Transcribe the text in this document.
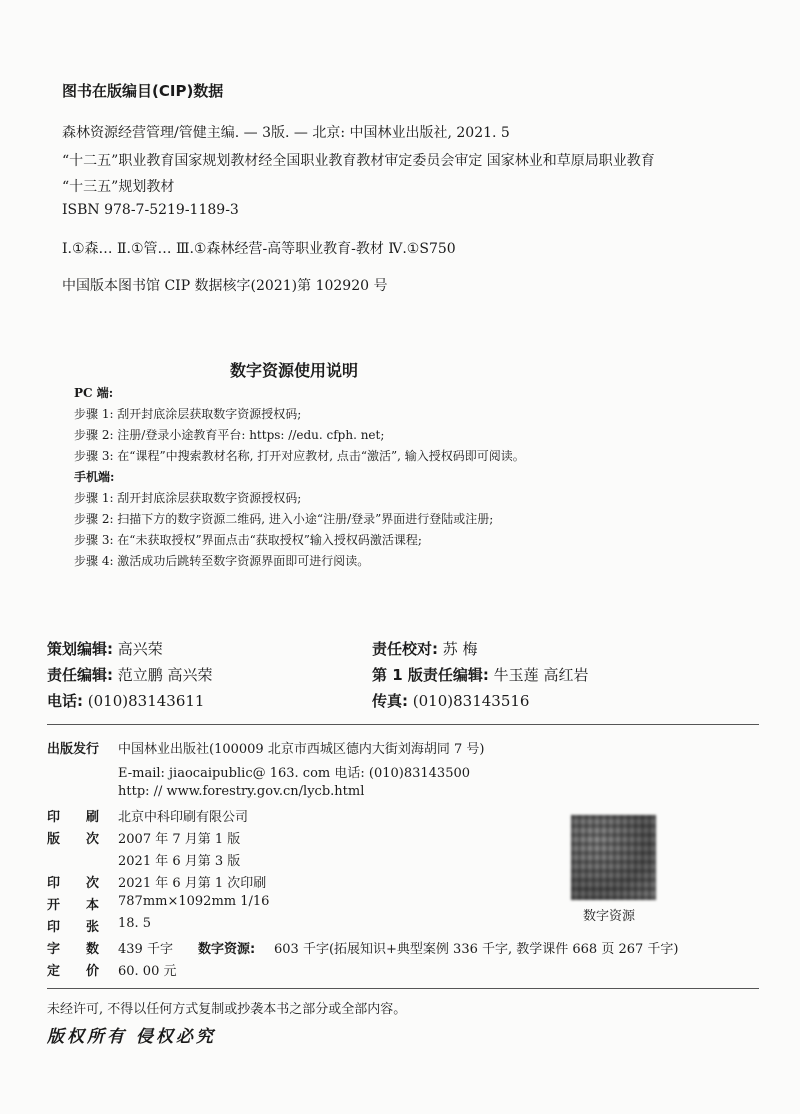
图书在版编目(CIP)数据
森林资源经营管理/管健主编. — 3版. — 北京: 中国林业出版社, 2021. 5
“十二五”职业教育国家规划教材经全国职业教育教材审定委员会审定 国家林业和草原局职业教育
“十三五”规划教材
ISBN 978-7-5219-1189-3
Ⅰ.①森… Ⅱ.①管… Ⅲ.①森林经营-高等职业教育-教材 Ⅳ.①S750
中国版本图书馆 CIP 数据核字(2021)第 102920 号
数字资源使用说明
PC 端:
步骤 1: 刮开封底涂层获取数字资源授权码;
步骤 2: 注册/登录小途教育平台: https: //edu. cfph. net;
步骤 3: 在“课程”中搜索教材名称, 打开对应教材, 点击“激活”, 输入授权码即可阅读。
手机端:
步骤 1: 刮开封底涂层获取数字资源授权码;
步骤 2: 扫描下方的数字资源二维码, 进入小途“注册/登录”界面进行登陆或注册;
步骤 3: 在“未获取授权”界面点击“获取授权”输入授权码激活课程;
步骤 4: 激活成功后跳转至数字资源界面即可进行阅读。
策划编辑: 高兴荣	责任校对: 苏 梅
责任编辑: 范立鹏 高兴荣	第 1 版责任编辑: 牛玉莲 高红岩
电话: (010)83143611	传真: (010)83143516
出版发行 中国林业出版社(100009 北京市西城区德内大街刘海胡同 7 号)
E-mail: jiaocaipublic@ 163. com 电话: (010)83143500
http: // www.forestry.gov.cn/lycb.html
印　　刷 北京中科印刷有限公司
版　　次 2007 年 7 月第 1 版
2021 年 6 月第 3 版
印　　次 2021 年 6 月第 1 次印刷
开　　本 787mm×1092mm 1/16
印　　张 18. 5
字　　数 439 千字 数字资源: 603 千字(拓展知识+典型案例 336 千字, 教学课件 668 页 267 千字)
定　　价 60. 00 元
数字资源
未经许可, 不得以任何方式复制或抄袭本书之部分或全部内容。
版权所有 侵权必究
